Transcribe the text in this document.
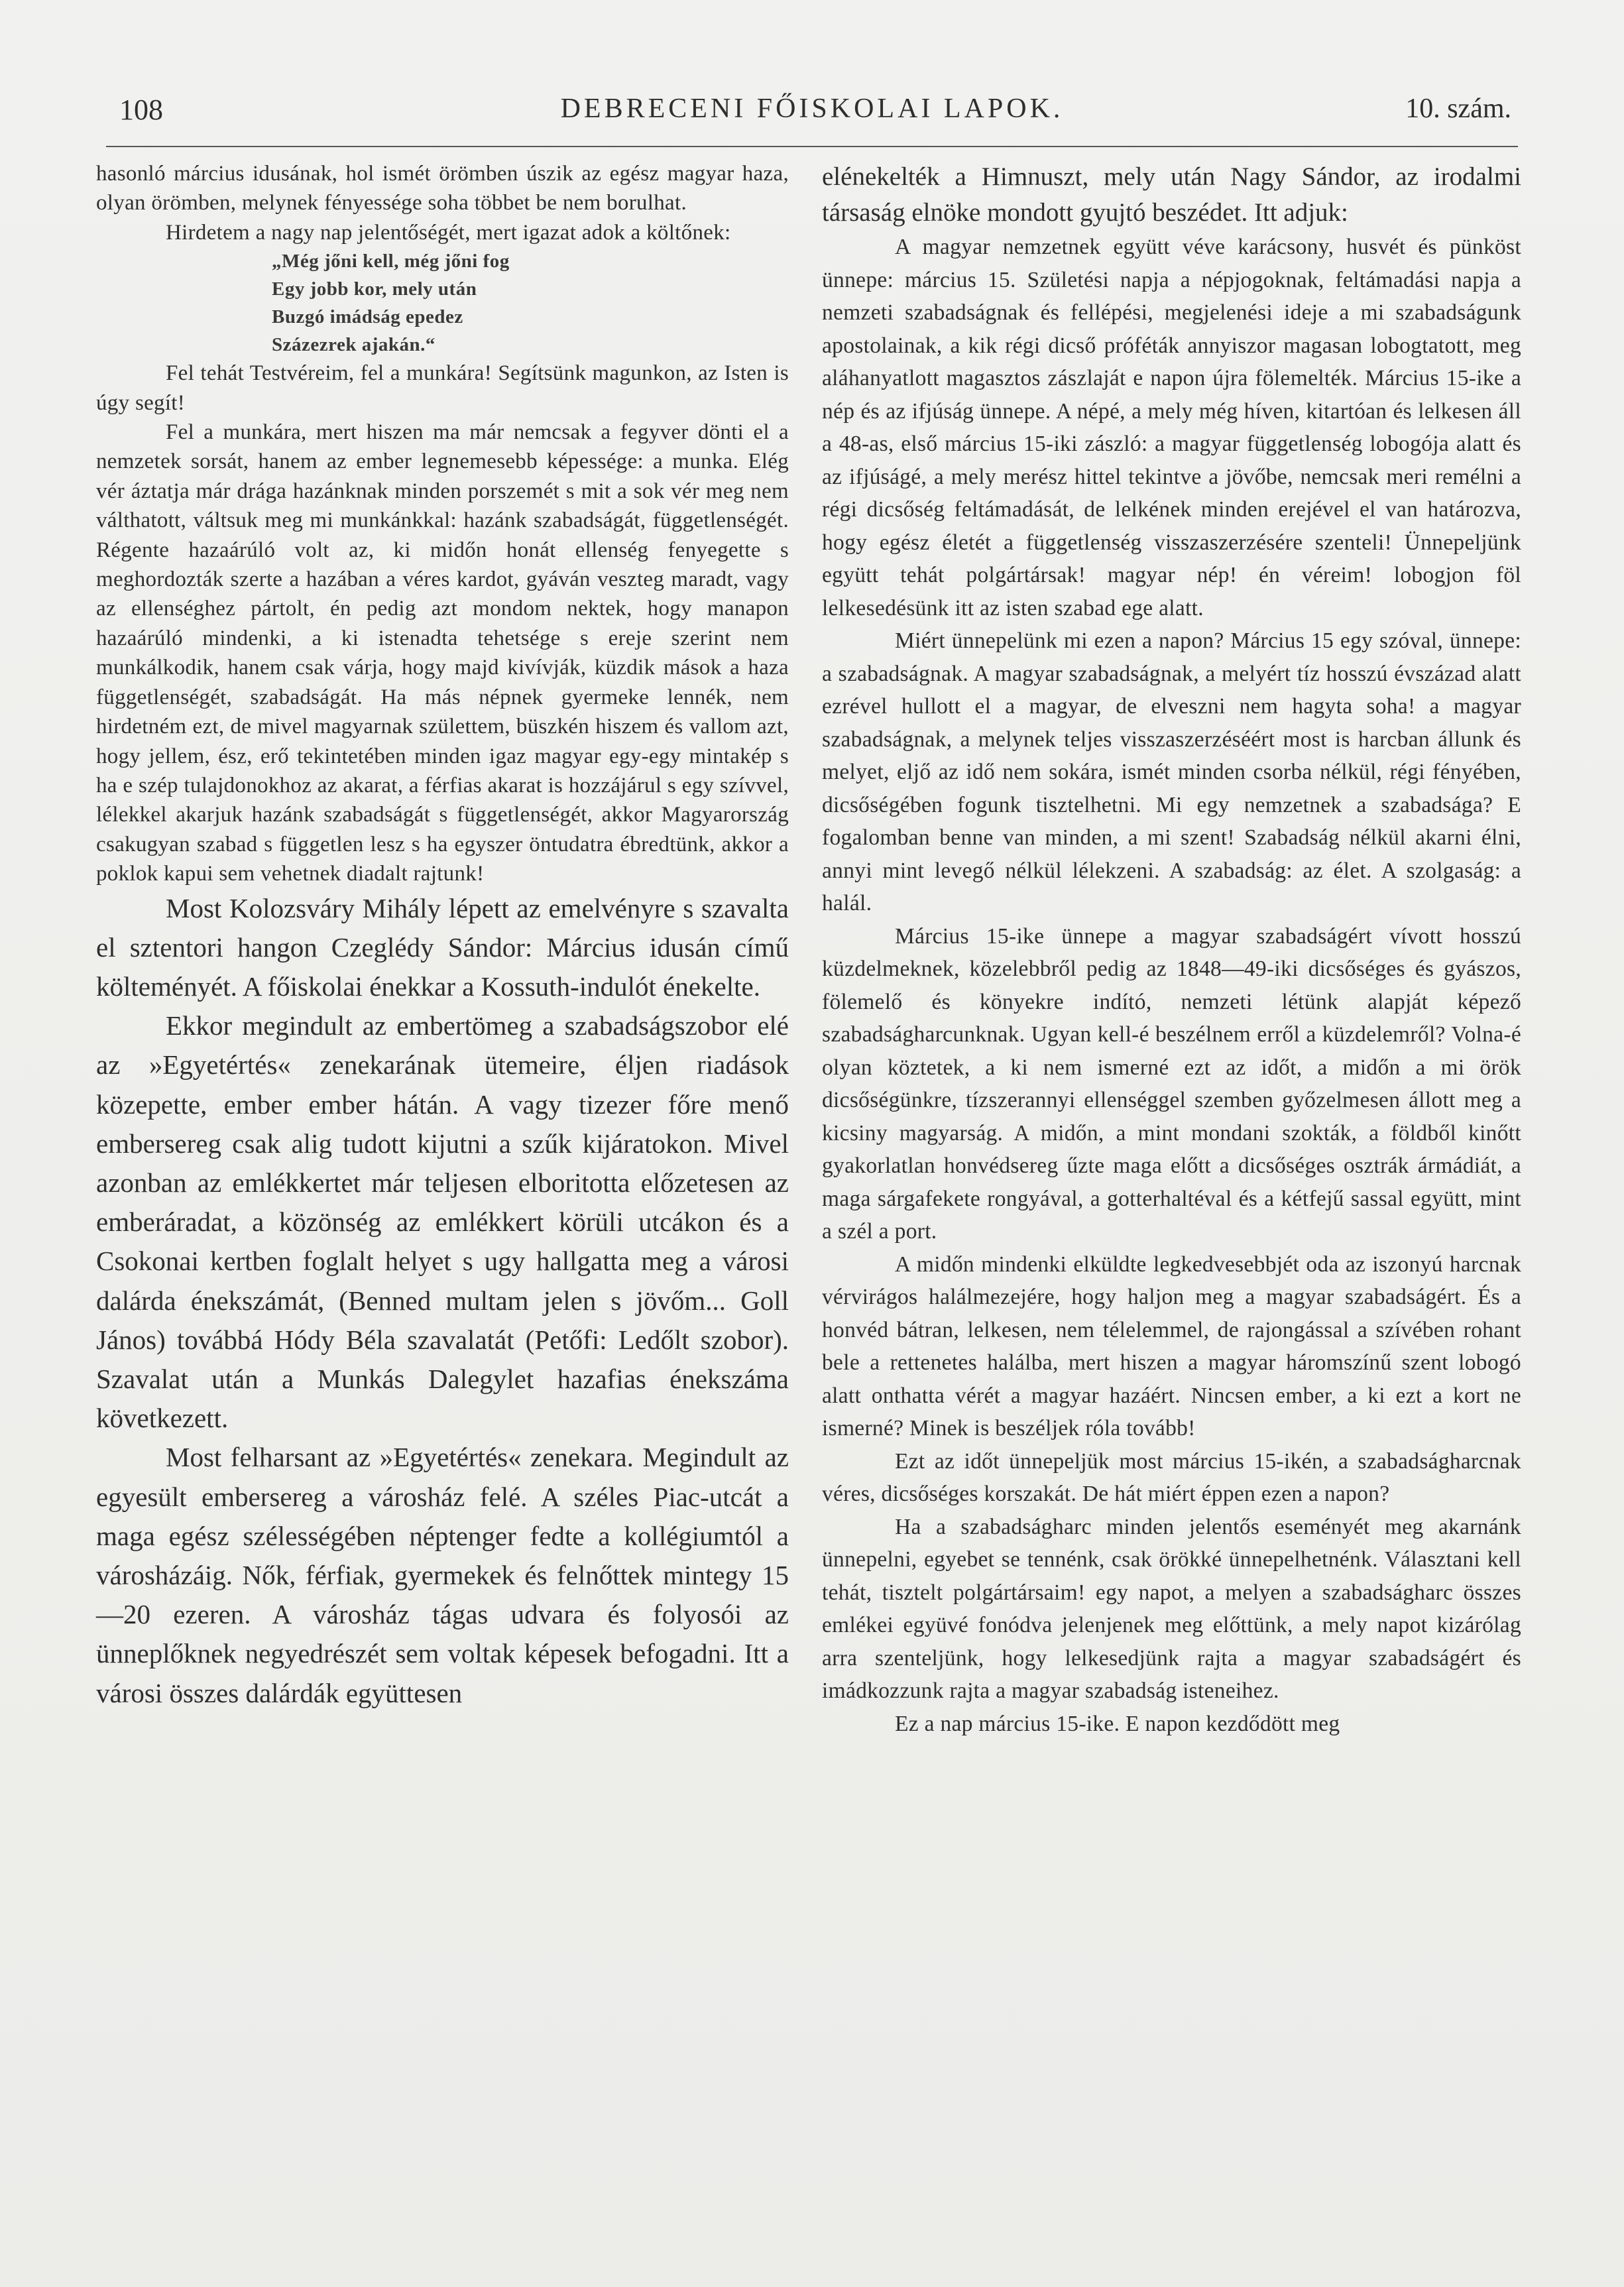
108	DEBRECENI FŐISKOLAI LAPOK.	10. szám.

hasonló március idusának, hol ismét örömben úszik az egész magyar haza, olyan örömben, melynek fényessége soha többet be nem borulhat.

Hirdetem a nagy nap jelentőségét, mert igazat adok a költőnek:

„Még jőni kell, még jőni fog
Egy jobb kor, mely után
Buzgó imádság epedez
Százezrek ajakán.“

Fel tehát Testvéreim, fel a munkára! Segítsünk magunkon, az Isten is úgy segít!

Fel a munkára, mert hiszen ma már nemcsak a fegyver dönti el a nemzetek sorsát, hanem az ember legnemesebb képessége: a munka. Elég vér áztatja már drága hazánknak minden porszemét s mit a sok vér meg nem válthatott, váltsuk meg mi munkánkkal: hazánk szabadságát, függetlenségét. Régente hazaárúló volt az, ki midőn honát ellenség fenyegette s meghordozták szerte a hazában a véres kardot, gyáván veszteg maradt, vagy az ellenséghez pártolt, én pedig azt mondom nektek, hogy manapon hazaárúló mindenki, a ki istenadta tehetsége s ereje szerint nem munkálkodik, hanem csak várja, hogy majd kivívják, küzdik mások a haza függetlenségét, szabadságát. Ha más népnek gyermeke lennék, nem hirdetném ezt, de mivel magyarnak születtem, büszkén hiszem és vallom azt, hogy jellem, ész, erő tekintetében minden igaz magyar egy-egy mintakép s ha e szép tulajdonokhoz az akarat, a férfias akarat is hozzájárul s egy szívvel, lélekkel akarjuk hazánk szabadságát s függetlenségét, akkor Magyarország csakugyan szabad s független lesz s ha egyszer öntudatra ébredtünk, akkor a poklok kapui sem vehetnek diadalt rajtunk!

Most Kolozsváry Mihály lépett az emelvényre s szavalta el sztentori hangon Czeglédy Sándor: Március idusán című költeményét. A főiskolai énekkar a Kossuth-indulót énekelte.

Ekkor megindult az embertömeg a szabadságszobor elé az »Egyetértés« zenekarának ütemeire, éljen riadások közepette, ember ember hátán. A vagy tizezer főre menő embersereg csak alig tudott kijutni a szűk kijáratokon. Mivel azonban az emlékkertet már teljesen elboritotta előzetesen az emberáradat, a közönség az emlékkert körüli utcákon és a Csokonai kertben foglalt helyet s ugy hallgatta meg a városi dalárda énekszámát, (Benned multam jelen s jövőm... Goll János) továbbá Hódy Béla szavalatát (Petőfi: Ledőlt szobor). Szavalat után a Munkás Dalegylet hazafias énekszáma következett.

Most felharsant az »Egyetértés« zenekara. Megindult az egyesült embersereg a városház felé. A széles Piac-utcát a maga egész szélességében néptenger fedte a kollégiumtól a városházáig. Nők, férfiak, gyermekek és felnőttek mintegy 15—20 ezeren. A városház tágas udvara és folyosói az ünneplőknek negyedrészét sem voltak képesek befogadni. Itt a városi összes dalárdák együttesen

elénekelték a Himnuszt, mely után Nagy Sándor, az irodalmi társaság elnöke mondott gyujtó beszédet. Itt adjuk:

A magyar nemzetnek együtt véve karácsony, husvét és pünköst ünnepe: március 15. Születési napja a népjogoknak, feltámadási napja a nemzeti szabadságnak és fellépési, megjelenési ideje a mi szabadságunk apostolainak, a kik régi dicső próféták annyiszor magasan lobogtatott, meg aláhanyatlott magasztos zászlaját e napon újra fölemelték. Március 15-ike a nép és az ifjúság ünnepe. A népé, a mely még híven, kitartóan és lelkesen áll a 48-as, első március 15-iki zászló: a magyar függetlenség lobogója alatt és az ifjúságé, a mely merész hittel tekintve a jövőbe, nemcsak meri remélni a régi dicsőség feltámadását, de lelkének minden erejével el van határozva, hogy egész életét a függetlenség visszaszerzésére szenteli! Ünnepeljünk együtt tehát polgártársak! magyar nép! én véreim! lobogjon föl lelkesedésünk itt az isten szabad ege alatt.

Miért ünnepelünk mi ezen a napon? Március 15 egy szóval, ünnepe: a szabadságnak. A magyar szabadságnak, a melyért tíz hosszú évszázad alatt ezrével hullott el a magyar, de elveszni nem hagyta soha! a magyar szabadságnak, a melynek teljes visszaszerzéséért most is harcban állunk és melyet, eljő az idő nem sokára, ismét minden csorba nélkül, régi fényében, dicsőségében fogunk tisztelhetni. Mi egy nemzetnek a szabadsága? E fogalomban benne van minden, a mi szent! Szabadság nélkül akarni élni, annyi mint levegő nélkül lélekzeni. A szabadság: az élet. A szolgaság: a halál.

Március 15-ike ünnepe a magyar szabadságért vívott hosszú küzdelmeknek, közelebbről pedig az 1848—49-iki dicsőséges és gyászos, fölemelő és könyekre indító, nemzeti létünk alapját képező szabadságharcunknak. Ugyan kell-é beszélnem erről a küzdelemről? Volna-é olyan köztetek, a ki nem ismerné ezt az időt, a midőn a mi örök dicsőségünkre, tízszerannyi ellenséggel szemben győzelmesen állott meg a kicsiny magyarság. A midőn, a mint mondani szokták, a földből kinőtt gyakorlatlan honvédsereg űzte maga előtt a dicsőséges osztrák ármádiát, a maga sárgafekete rongyával, a gotterhaltéval és a kétfejű sassal együtt, mint a szél a port.

A midőn mindenki elküldte legkedvesebbjét oda az iszonyú harcnak vérvirágos halálmezejére, hogy haljon meg a magyar szabadságért. És a honvéd bátran, lelkesen, nem télelemmel, de rajongással a szívében rohant bele a rettenetes halálba, mert hiszen a magyar háromszínű szent lobogó alatt onthatta vérét a magyar hazáért. Nincsen ember, a ki ezt a kort ne ismerné? Minek is beszéljek róla tovább!

Ezt az időt ünnepeljük most március 15-ikén, a szabadságharcnak véres, dicsőséges korszakát. De hát miért éppen ezen a napon?

Ha a szabadságharc minden jelentős eseményét meg akarnánk ünnepelni, egyebet se tennénk, csak örökké ünnepelhetnénk. Választani kell tehát, tisztelt polgártársaim! egy napot, a melyen a szabadságharc összes emlékei együvé fonódva jelenjenek meg előttünk, a mely napot kizárólag arra szenteljünk, hogy lelkesedjünk rajta a magyar szabadságért és imádkozzunk rajta a magyar szabadság isteneihez.

Ez a nap március 15-ike. E napon kezdődött meg
